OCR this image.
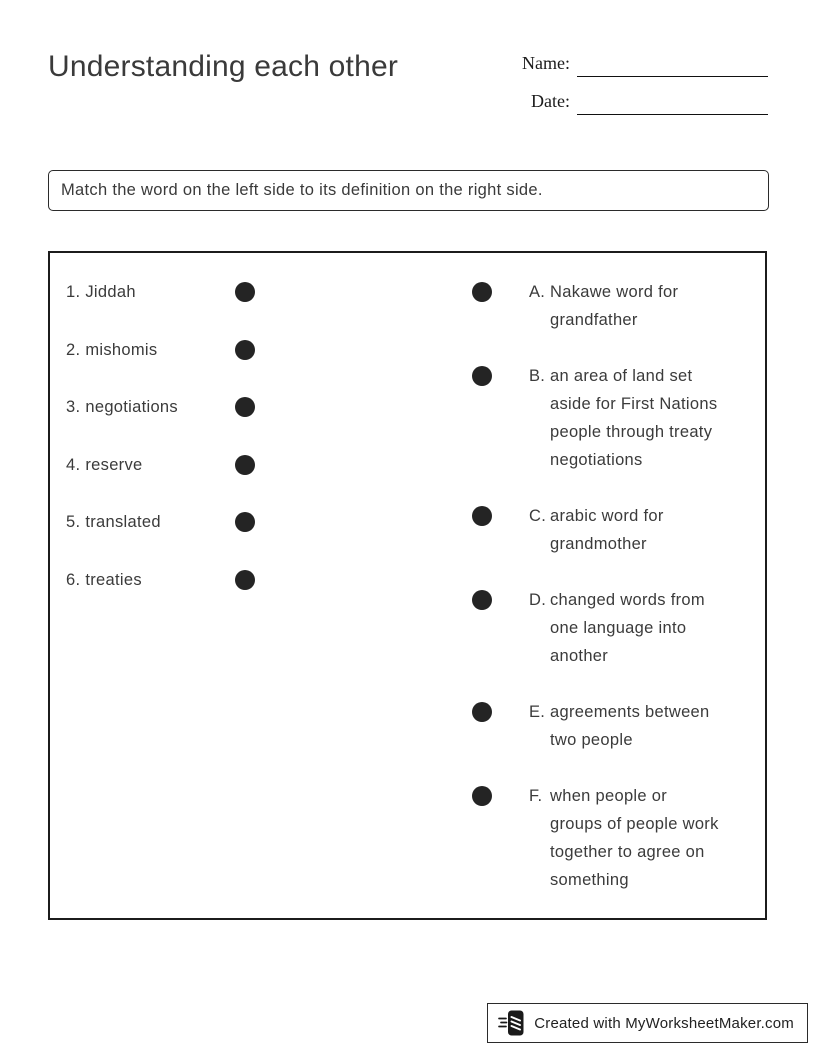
Understanding each other	Name:
Date:
Match the word on the left side to its definition on the right side.
1. Jiddah
2. mishomis
3. negotiations
4. reserve
5. translated
6. treaties
A. Nakawe word for grandfather
B. an area of land set aside for First Nations people through treaty negotiations
C. arabic word for grandmother
D. changed words from one language into another
E. agreements between two people
F. when people or groups of people work together to agree on something
Created with MyWorksheetMaker.com
